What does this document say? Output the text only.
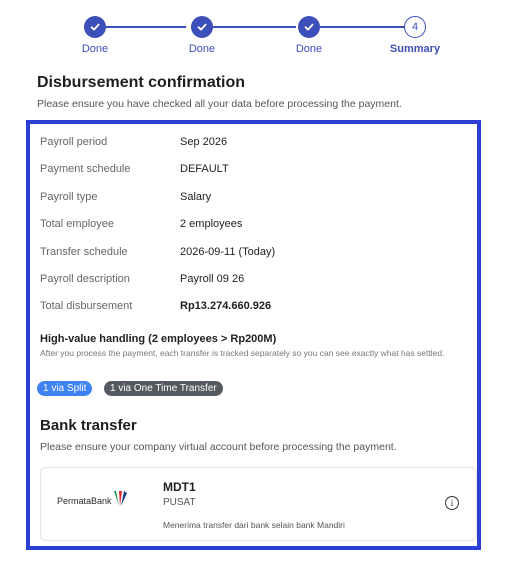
Done	Done	Done
4
Summary
Disbursement confirmation
Please ensure you have checked all your data before processing the payment.
Payroll period	Sep 2026
Payment schedule	DEFAULT
Payroll type	Salary
Total employee	2 employees
Transfer schedule	2026-09-11 (Today)
Payroll description	Payroll 09 26
Total disbursement	Rp13.274.660.926
High-value handling (2 employees > Rp200M)
After you process the payment, each transfer is tracked separately so you can see exactly what has settled.
1 via Split	1 via One Time Transfer
Bank transfer
Please ensure your company virtual account before processing the payment.
PermataBank
MDT1
PUSAT
Menerima transfer dari bank selain bank Mandiri
i
